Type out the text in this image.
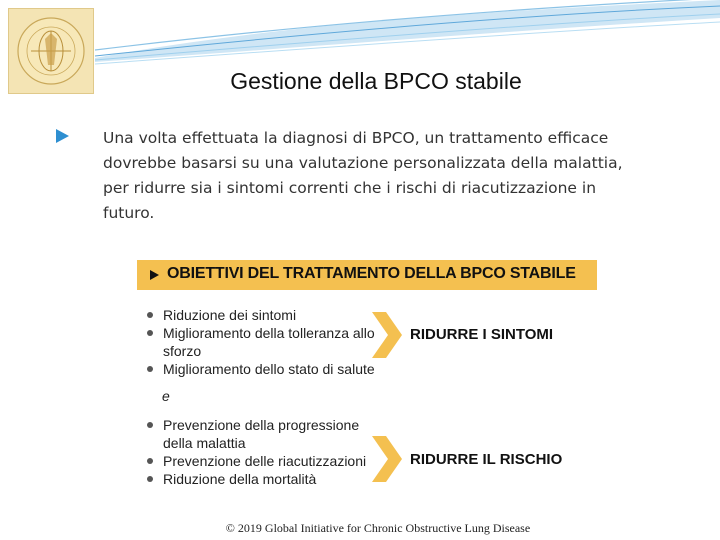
Gestione della BPCO stabile
Una volta effettuata la diagnosi di BPCO, un trattamento efficace dovrebbe basarsi su una valutazione personalizzata della malattia, per ridurre sia i sintomi correnti che i rischi di riacutizzazione in futuro.
OBIETTIVI DEL TRATTAMENTO DELLA BPCO STABILE
Riduzione dei sintomi
Miglioramento della tolleranza allo sforzo
Miglioramento dello stato di salute
e
Prevenzione della progressione della malattia
Prevenzione delle riacutizzazioni
Riduzione della mortalità
RIDURRE I SINTOMI
RIDURRE IL RISCHIO
© 2019 Global Initiative for Chronic Obstructive Lung Disease
